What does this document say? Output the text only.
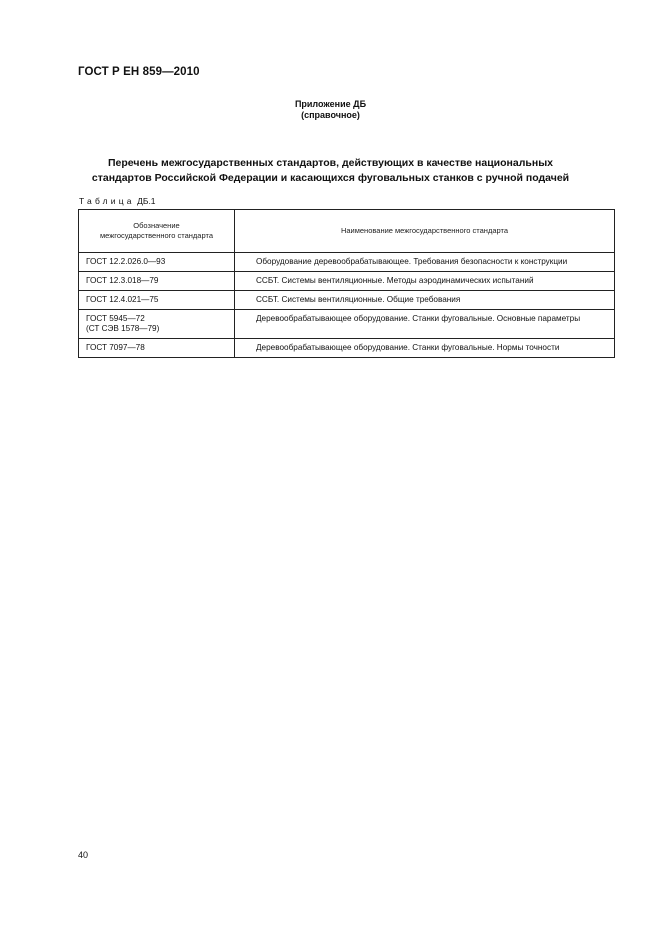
ГОСТ Р ЕН 859—2010
Приложение ДБ
(справочное)
Перечень межгосударственных стандартов, действующих в качестве национальных
стандартов Российской Федерации и касающихся фуговальных станков с ручной подачей
Таблица ДБ.1
Обозначение
межгосударственного стандарта	Наименование межгосударственного стандарта
ГОСТ 12.2.026.0—93	Оборудование деревообрабатывающее. Требования безопасности к конструкции
ГОСТ 12.3.018—79	ССБТ. Системы вентиляционные. Методы аэродинамических испытаний
ГОСТ 12.4.021—75	ССБТ. Системы вентиляционные. Общие требования

ГОСТ 5945—72
(СТ СЭВ 1578—79)	Деревообрабатывающее оборудование. Станки фуговальные. Основные параметры
ГОСТ 7097—78	Деревообрабатывающее оборудование. Станки фуговальные. Нормы точности
40
